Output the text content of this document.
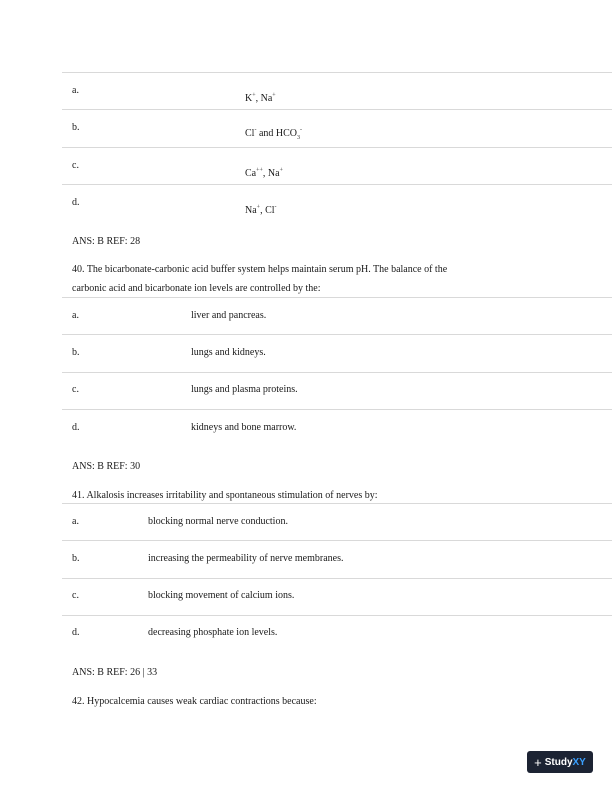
a.
K+, Na+
b.
Cl- and $HCO_3^-$
c.
Ca++, Na+
d.
Na+, Cl-
ANS: B REF: 28
40. The bicarbonate-carbonic acid buffer system helps maintain serum pH. The balance of the
carbonic acid and bicarbonate ion levels are controlled by the:
a.	liver and pancreas.
b.	lungs and kidneys.
c.	lungs and plasma proteins.
d.	kidneys and bone marrow.
ANS: B REF: 30
41. Alkalosis increases irritability and spontaneous stimulation of nerves by:
a.	blocking normal nerve conduction.
b.	increasing the permeability of nerve membranes.
c.	blocking movement of calcium ions.
d.	decreasing phosphate ion levels.
ANS: B REF: 26 | 33
42. Hypocalcemia causes weak cardiac contractions because:
+ StudyXY
